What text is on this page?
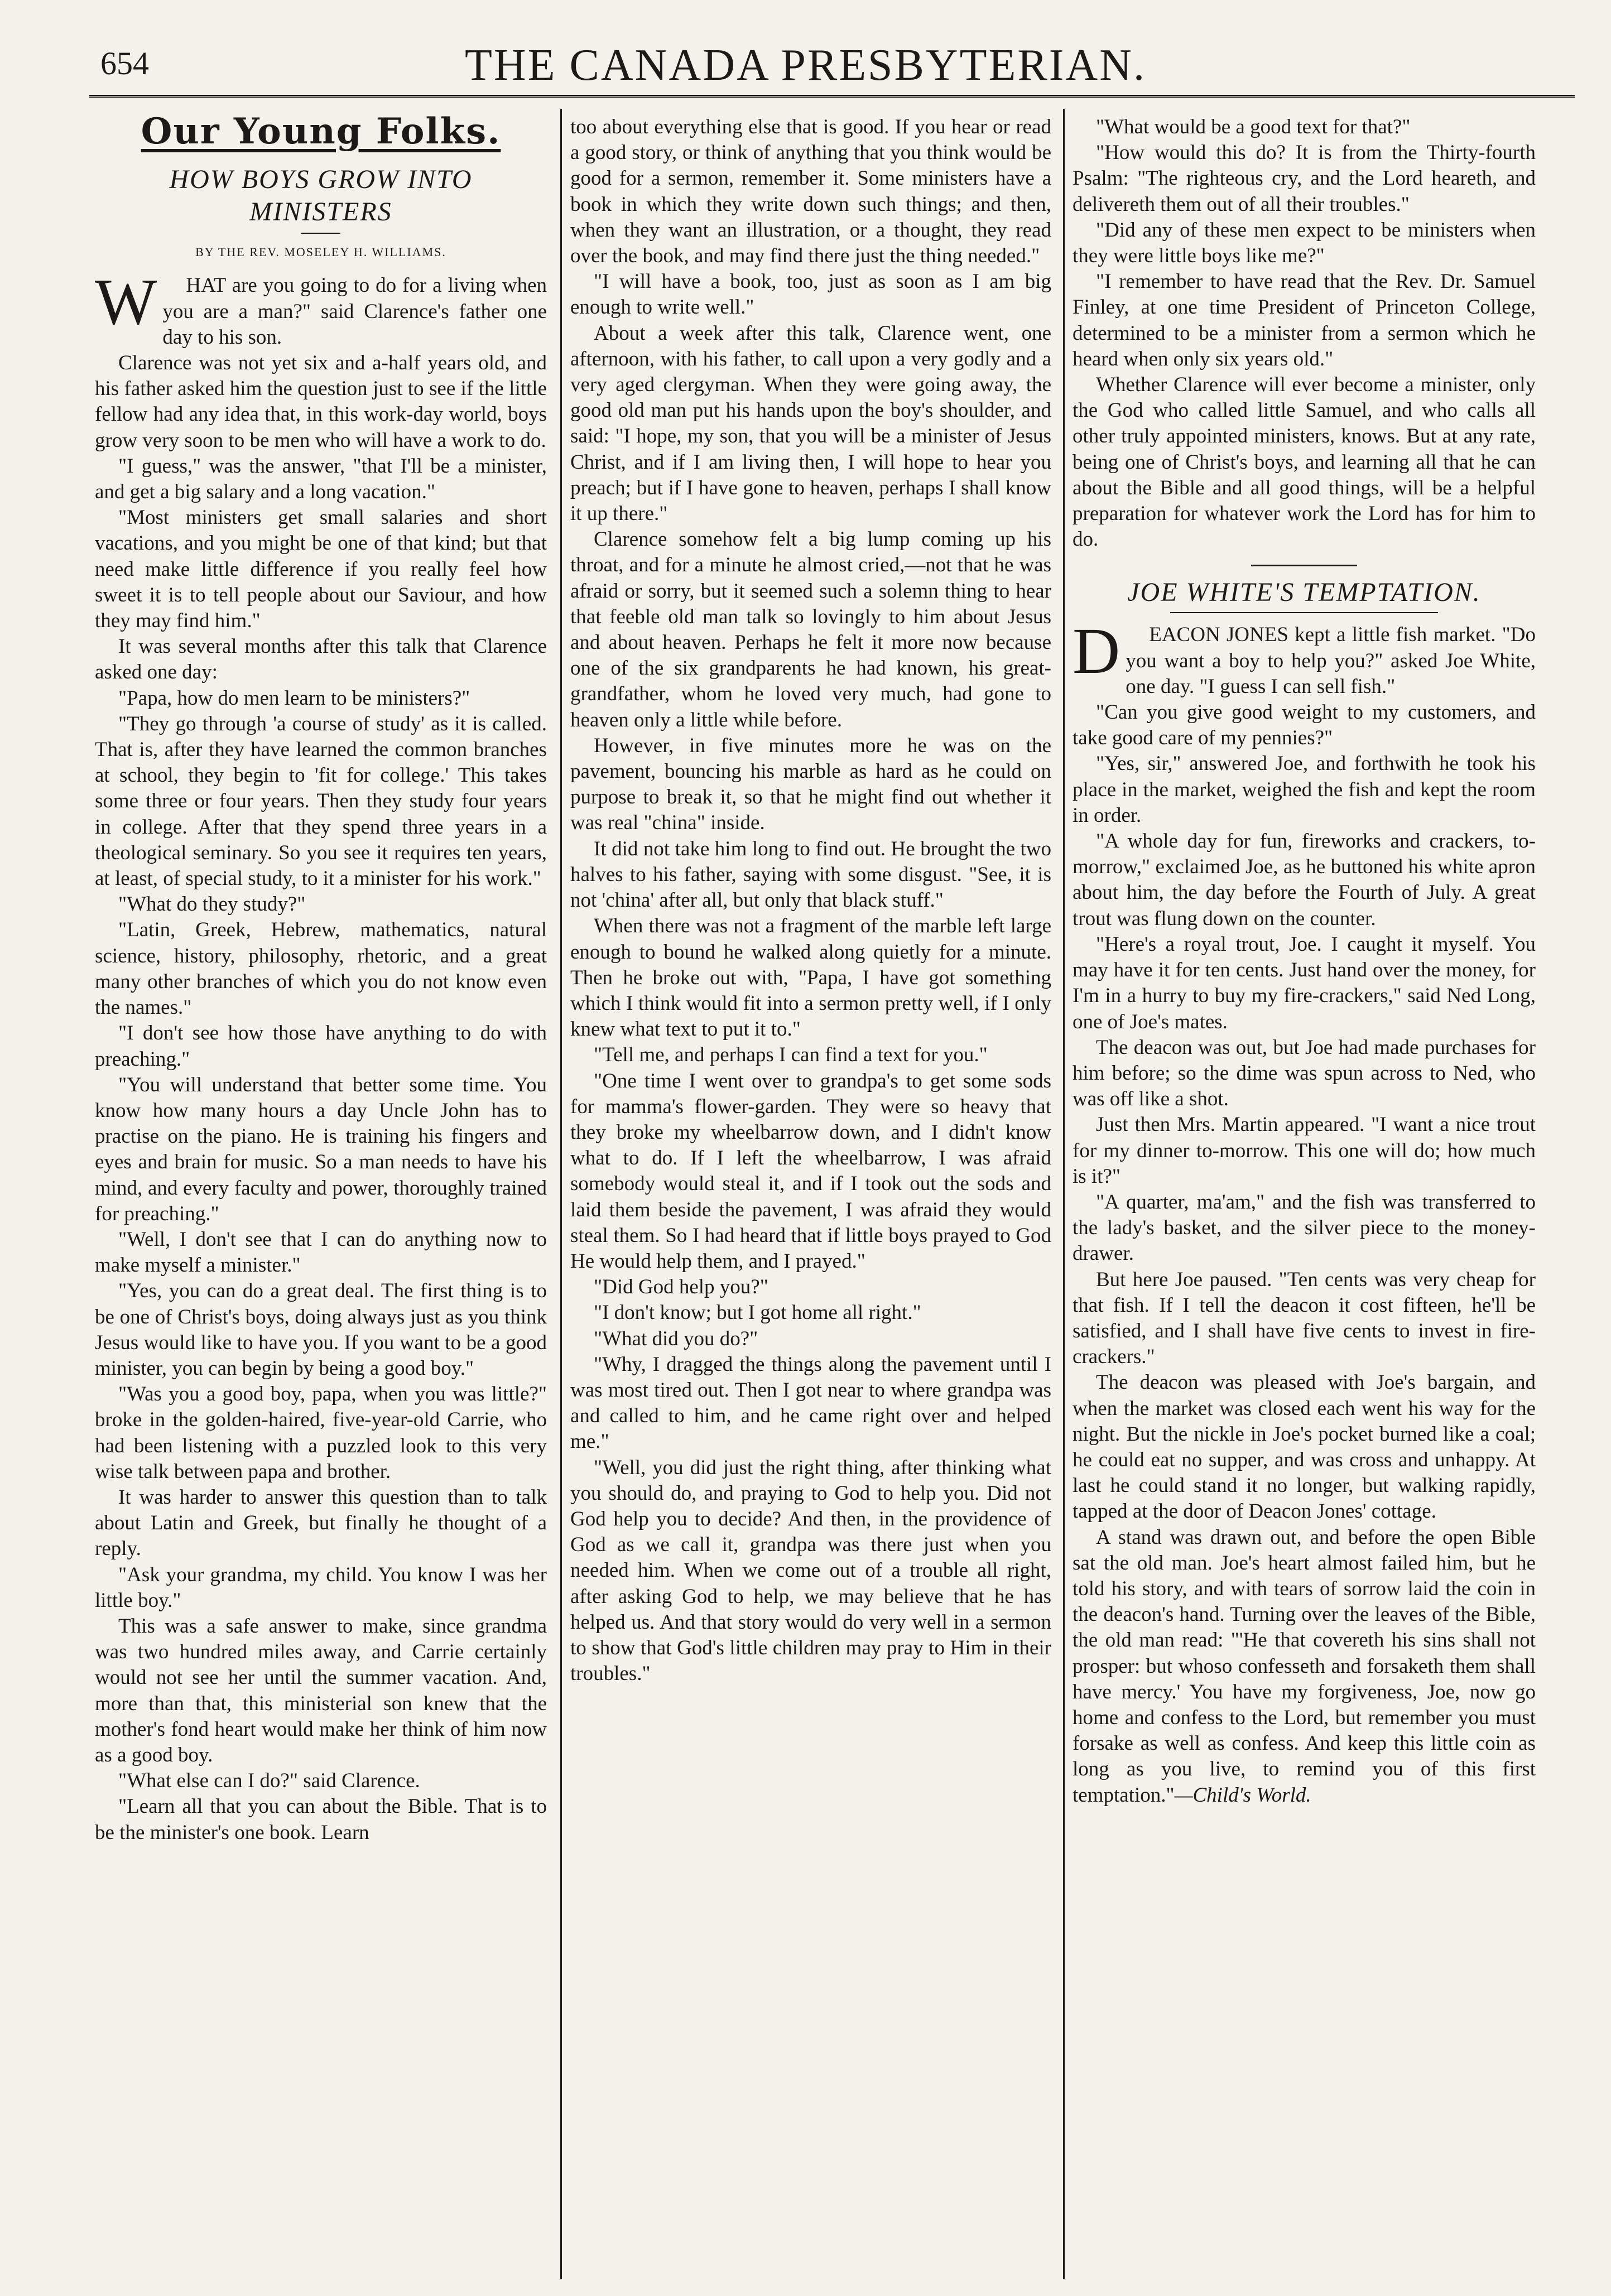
654	THE CANADA PRESBYTERIAN.
Our Young Folks.
HOW BOYS GROW INTO MINISTERS
BY THE REV. MOSELEY H. WILLIAMS.

W HAT are you going to do for a living when you are a man?" said Clarence's father one day to his son.

Clarence was not yet six and a-half years old, and his father asked him the question just to see if the little fellow had any idea that, in this work-day world, boys grow very soon to be men who will have a work to do.

"I guess," was the answer, "that I'll be a minister, and get a big salary and a long vacation."

"Most ministers get small salaries and short vacations, and you might be one of that kind; but that need make little difference if you really feel how sweet it is to tell people about our Saviour, and how they may find him."

It was several months after this talk that Clarence asked one day:

"Papa, how do men learn to be ministers?"

"They go through 'a course of study' as it is called. That is, after they have learned the common branches at school, they begin to 'fit for college.' This takes some three or four years. Then they study four years in college. After that they spend three years in a theological seminary. So you see it requires ten years, at least, of special study, to it a minister for his work."

"What do they study?"

"Latin, Greek, Hebrew, mathematics, natural science, history, philosophy, rhetoric, and a great many other branches of which you do not know even the names."

"I don't see how those have anything to do with preaching."

"You will understand that better some time. You know how many hours a day Uncle John has to practise on the piano. He is training his fingers and eyes and brain for music. So a man needs to have his mind, and every faculty and power, thoroughly trained for preaching."

"Well, I don't see that I can do anything now to make myself a minister."

"Yes, you can do a great deal. The first thing is to be one of Christ's boys, doing always just as you think Jesus would like to have you. If you want to be a good minister, you can begin by being a good boy."

"Was you a good boy, papa, when you was little?" broke in the golden-haired, five-year-old Carrie, who had been listening with a puzzled look to this very wise talk between papa and brother.

It was harder to answer this question than to talk about Latin and Greek, but finally he thought of a reply.

"Ask your grandma, my child. You know I was her little boy."

This was a safe answer to make, since grandma was two hundred miles away, and Carrie certainly would not see her until the summer vacation. And, more than that, this ministerial son knew that the mother's fond heart would make her think of him now as a good boy.

"What else can I do?" said Clarence.

"Learn all that you can about the Bible. That is to be the minister's one book. Learn

too about everything else that is good. If you hear or read a good story, or think of anything that you think would be good for a sermon, remember it. Some ministers have a book in which they write down such things; and then, when they want an illustration, or a thought, they read over the book, and may find there just the thing needed."

"I will have a book, too, just as soon as I am big enough to write well."

About a week after this talk, Clarence went, one afternoon, with his father, to call upon a very godly and a very aged clergyman. When they were going away, the good old man put his hands upon the boy's shoulder, and said: "I hope, my son, that you will be a minister of Jesus Christ, and if I am living then, I will hope to hear you preach; but if I have gone to heaven, perhaps I shall know it up there."

Clarence somehow felt a big lump coming up his throat, and for a minute he almost cried,—not that he was afraid or sorry, but it seemed such a solemn thing to hear that feeble old man talk so lovingly to him about Jesus and about heaven. Perhaps he felt it more now because one of the six grandparents he had known, his great-grandfather, whom he loved very much, had gone to heaven only a little while before.

However, in five minutes more he was on the pavement, bouncing his marble as hard as he could on purpose to break it, so that he might find out whether it was real "china" inside.

It did not take him long to find out. He brought the two halves to his father, saying with some disgust. "See, it is not 'china' after all, but only that black stuff."

When there was not a fragment of the marble left large enough to bound he walked along quietly for a minute. Then he broke out with, "Papa, I have got something which I think would fit into a sermon pretty well, if I only knew what text to put it to."

"Tell me, and perhaps I can find a text for you."

"One time I went over to grandpa's to get some sods for mamma's flower-garden. They were so heavy that they broke my wheelbarrow down, and I didn't know what to do. If I left the wheelbarrow, I was afraid somebody would steal it, and if I took out the sods and laid them beside the pavement, I was afraid they would steal them. So I had heard that if little boys prayed to God He would help them, and I prayed."

"Did God help you?"

"I don't know; but I got home all right."

"What did you do?"

"Why, I dragged the things along the pavement until I was most tired out. Then I got near to where grandpa was and called to him, and he came right over and helped me."

"Well, you did just the right thing, after thinking what you should do, and praying to God to help you. Did not God help you to decide? And then, in the providence of God as we call it, grandpa was there just when you needed him. When we come out of a trouble all right, after asking God to help, we may believe that he has helped us. And that story would do very well in a sermon to show that God's little children may pray to Him in their troubles."

"What would be a good text for that?"

"How would this do? It is from the Thirty-fourth Psalm: "The righteous cry, and the Lord heareth, and delivereth them out of all their troubles."

"Did any of these men expect to be ministers when they were little boys like me?"

"I remember to have read that the Rev. Dr. Samuel Finley, at one time President of Princeton College, determined to be a minister from a sermon which he heard when only six years old."

Whether Clarence will ever become a minister, only the God who called little Samuel, and who calls all other truly appointed ministers, knows. But at any rate, being one of Christ's boys, and learning all that he can about the Bible and all good things, will be a helpful preparation for whatever work the Lord has for him to do.

JOE WHITE'S TEMPTATION.

D EACON JONES kept a little fish market. "Do you want a boy to help you?" asked Joe White, one day. "I guess I can sell fish."

"Can you give good weight to my customers, and take good care of my pennies?"

"Yes, sir," answered Joe, and forthwith he took his place in the market, weighed the fish and kept the room in order.

"A whole day for fun, fireworks and crackers, to-morrow," exclaimed Joe, as he buttoned his white apron about him, the day before the Fourth of July. A great trout was flung down on the counter.

"Here's a royal trout, Joe. I caught it myself. You may have it for ten cents. Just hand over the money, for I'm in a hurry to buy my fire-crackers," said Ned Long, one of Joe's mates.

The deacon was out, but Joe had made purchases for him before; so the dime was spun across to Ned, who was off like a shot.

Just then Mrs. Martin appeared. "I want a nice trout for my dinner to-morrow. This one will do; how much is it?"

"A quarter, ma'am," and the fish was transferred to the lady's basket, and the silver piece to the money-drawer.

But here Joe paused. "Ten cents was very cheap for that fish. If I tell the deacon it cost fifteen, he'll be satisfied, and I shall have five cents to invest in fire-crackers."

The deacon was pleased with Joe's bargain, and when the market was closed each went his way for the night. But the nickle in Joe's pocket burned like a coal; he could eat no supper, and was cross and unhappy. At last he could stand it no longer, but walking rapidly, tapped at the door of Deacon Jones' cottage.

A stand was drawn out, and before the open Bible sat the old man. Joe's heart almost failed him, but he told his story, and with tears of sorrow laid the coin in the deacon's hand. Turning over the leaves of the Bible, the old man read: "'He that covereth his sins shall not prosper: but whoso confesseth and forsaketh them shall have mercy.' You have my forgiveness, Joe, now go home and confess to the Lord, but remember you must forsake as well as confess. And keep this little coin as long as you live, to remind you of this first temptation."—Child's World.
